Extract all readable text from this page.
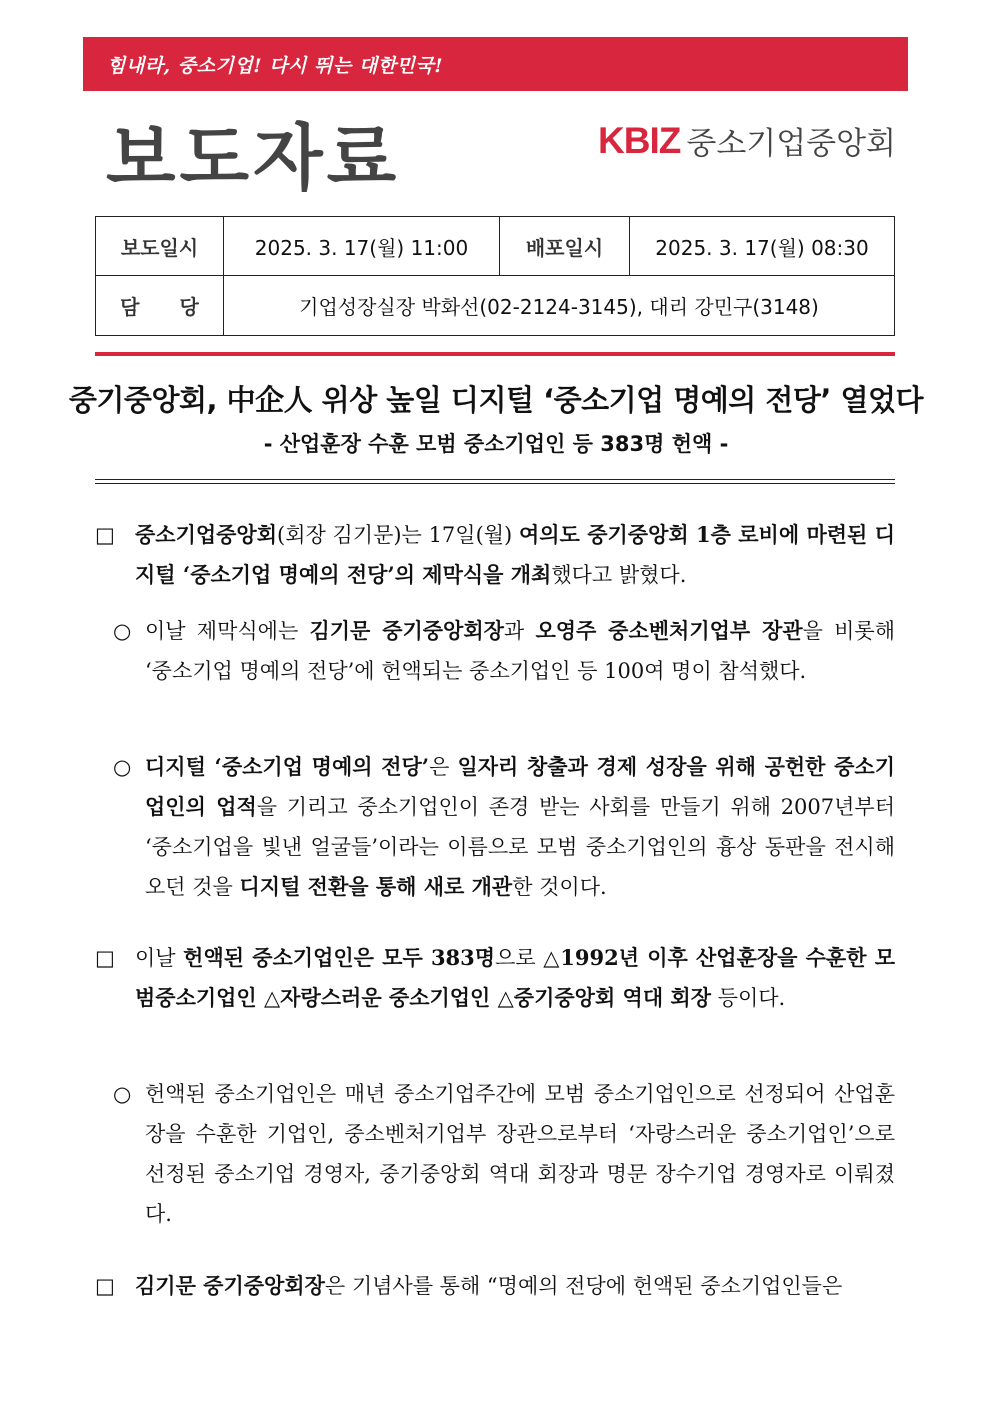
힘내라, 중소기업! 다시 뛰는 대한민국!
보도자료	KBIZ 중소기업중앙회
보도일시	2025. 3. 17(월) 11:00	배포일시	2025. 3. 17(월) 08:30
담　　당	기업성장실장 박화선(02-2124-3145), 대리 강민구(3148)		
중기중앙회, 中企人 위상 높일 디지털 ‘중소기업 명예의 전당’ 열었다
- 산업훈장 수훈 모범 중소기업인 등 383명 헌액 -
□ 중소기업중앙회(회장 김기문)는 17일(월) 여의도 중기중앙회 1층 로비에 마련된 디지털 ‘중소기업 명예의 전당’의 제막식을 개최했다고 밝혔다.
○ 이날 제막식에는 김기문 중기중앙회장과 오영주 중소벤처기업부 장관을 비롯해 ‘중소기업 명예의 전당’에 헌액되는 중소기업인 등 100여 명이 참석했다.
○ 디지털 ‘중소기업 명예의 전당’은 일자리 창출과 경제 성장을 위해 공헌한 중소기업인의 업적을 기리고 중소기업인이 존경 받는 사회를 만들기 위해 2007년부터 ‘중소기업을 빛낸 얼굴들’이라는 이름으로 모범 중소기업인의 흉상 동판을 전시해 오던 것을 디지털 전환을 통해 새로 개관한 것이다.
□ 이날 헌액된 중소기업인은 모두 383명으로 △1992년 이후 산업훈장을 수훈한 모범중소기업인 △자랑스러운 중소기업인 △중기중앙회 역대 회장 등이다.
○ 헌액된 중소기업인은 매년 중소기업주간에 모범 중소기업인으로 선정되어 산업훈장을 수훈한 기업인, 중소벤처기업부 장관으로부터 ‘자랑스러운 중소기업인’으로 선정된 중소기업 경영자, 중기중앙회 역대 회장과 명문 장수기업 경영자로 이뤄졌다.
□ 김기문 중기중앙회장은 기념사를 통해 “명예의 전당에 헌액된 중소기업인들은
